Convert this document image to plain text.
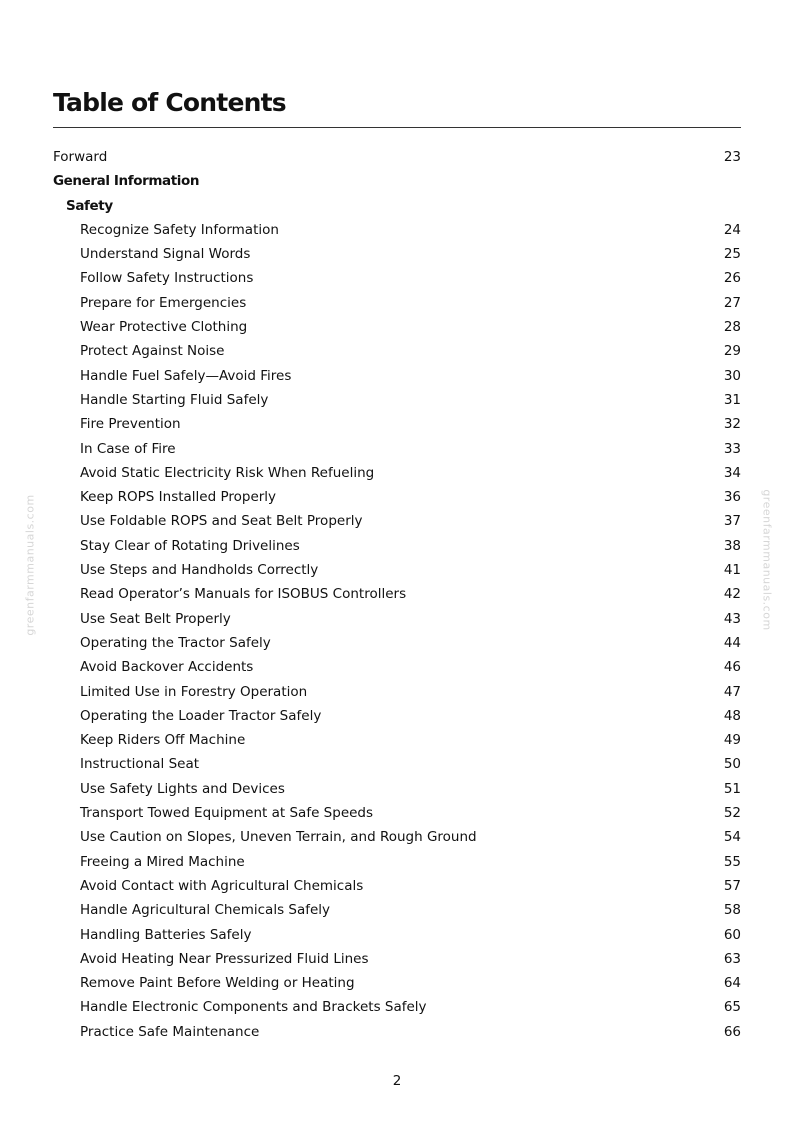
Table of Contents
Forward	23
General Information
Safety
Recognize Safety Information	24
Understand Signal Words	25
Follow Safety Instructions	26
Prepare for Emergencies	27
Wear Protective Clothing	28
Protect Against Noise	29
Handle Fuel Safely—Avoid Fires	30
Handle Starting Fluid Safely	31
Fire Prevention	32
In Case of Fire	33
Avoid Static Electricity Risk When Refueling	34
Keep ROPS Installed Properly	36
Use Foldable ROPS and Seat Belt Properly	37
Stay Clear of Rotating Drivelines	38
Use Steps and Handholds Correctly	41
Read Operator’s Manuals for ISOBUS Controllers	42
Use Seat Belt Properly	43
Operating the Tractor Safely	44
Avoid Backover Accidents	46
Limited Use in Forestry Operation	47
Operating the Loader Tractor Safely	48
Keep Riders Off Machine	49
Instructional Seat	50
Use Safety Lights and Devices	51
Transport Towed Equipment at Safe Speeds	52
Use Caution on Slopes, Uneven Terrain, and Rough Ground	54
Freeing a Mired Machine	55
Avoid Contact with Agricultural Chemicals	57
Handle Agricultural Chemicals Safely	58
Handling Batteries Safely	60
Avoid Heating Near Pressurized Fluid Lines	63
Remove Paint Before Welding or Heating	64
Handle Electronic Components and Brackets Safely	65
Practice Safe Maintenance	66
greenfarmmanuals.com	greenfarmmanuals.com
2
